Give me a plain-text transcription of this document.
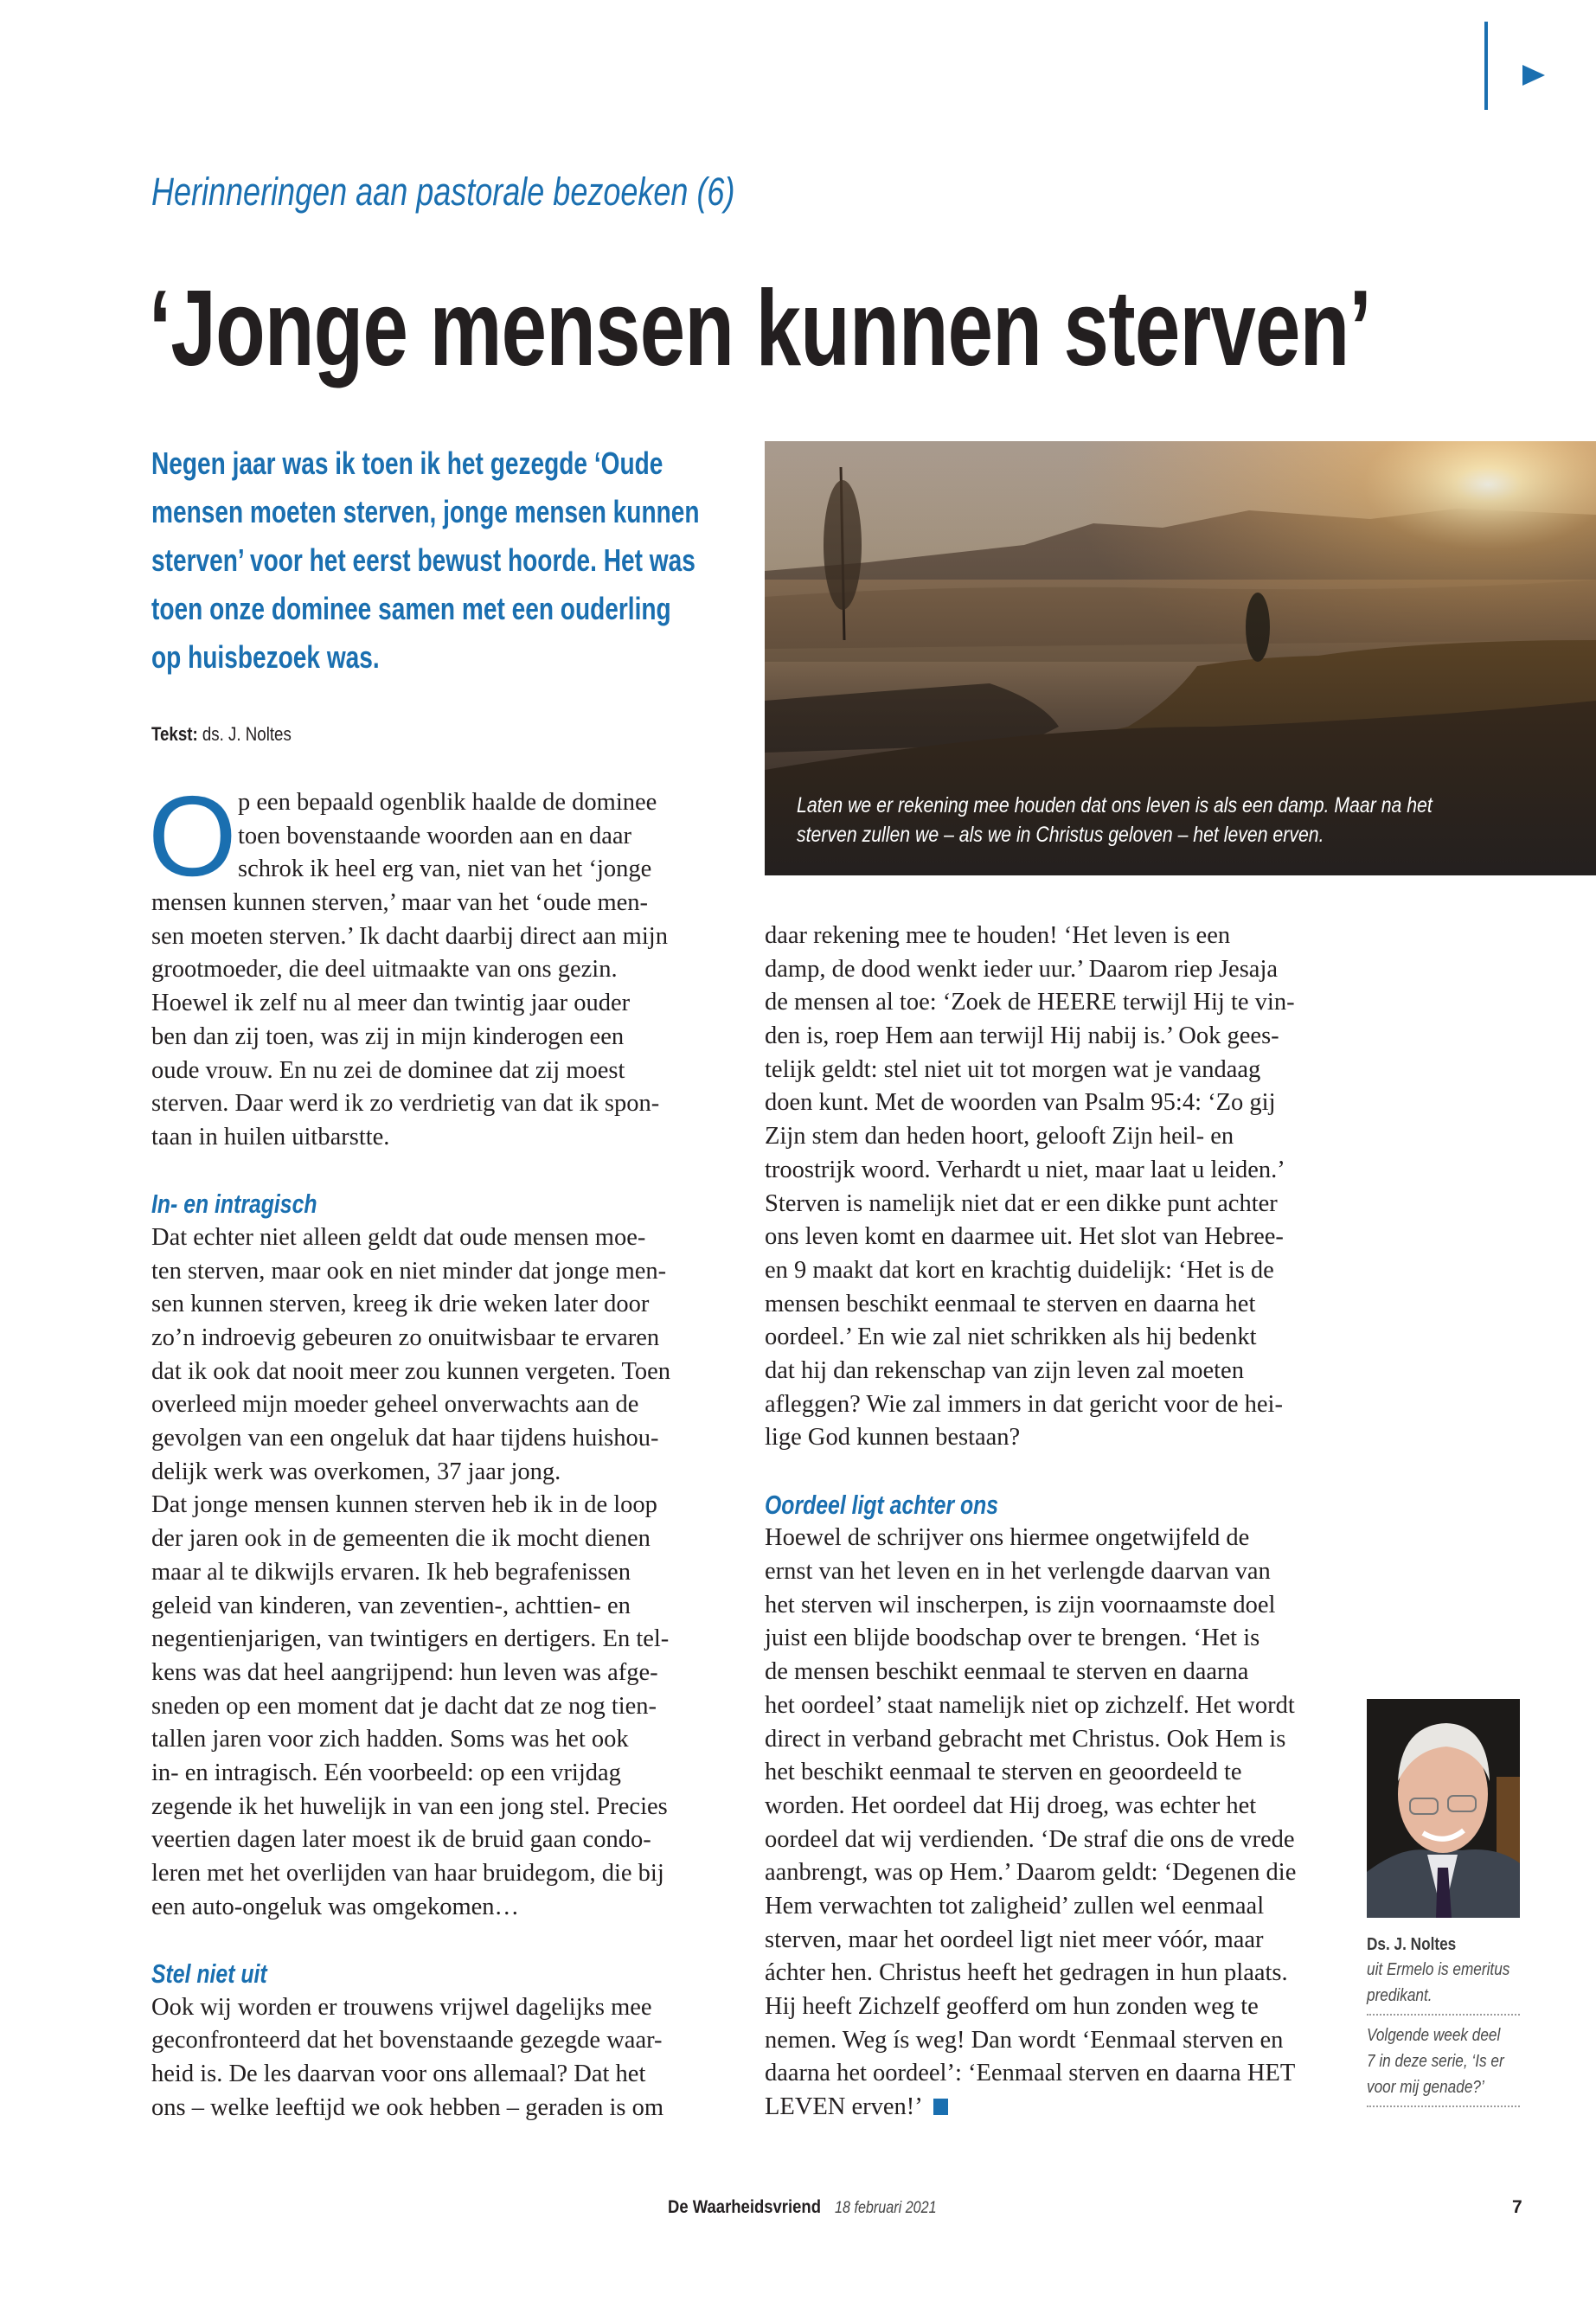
Herinneringen aan pastorale bezoeken (6)
‘Jonge mensen kunnen sterven’
Negen jaar was ik toen ik het gezegde ‘Oude
mensen moeten sterven, jonge mensen kunnen
sterven’ voor het eerst bewust hoorde. Het was
toen onze dominee samen met een ouderling
op huisbezoek was.
Tekst: ds. J. Noltes
Laten we er rekening mee houden dat ons leven is als een damp. Maar na het
sterven zullen we – als we in Christus geloven – het leven erven.
O p een bepaald ogenblik haalde de dominee
toen bovenstaande woorden aan en daar
schrok ik heel erg van, niet van het ‘jonge
mensen kunnen sterven,’ maar van het ‘oude men-
sen moeten sterven.’ Ik dacht daarbij direct aan mijn
grootmoeder, die deel uitmaakte van ons gezin.
Hoewel ik zelf nu al meer dan twintig jaar ouder
ben dan zij toen, was zij in mijn kinderogen een
oude vrouw. En nu zei de dominee dat zij moest
sterven. Daar werd ik zo verdrietig van dat ik spon-
taan in huilen uitbarstte.
In- en intragisch
Dat echter niet alleen geldt dat oude mensen moe-
ten sterven, maar ook en niet minder dat jonge men-
sen kunnen sterven, kreeg ik drie weken later door
zo’n indroevig gebeuren zo onuitwisbaar te ervaren
dat ik ook dat nooit meer zou kunnen vergeten. Toen
overleed mijn moeder geheel onverwachts aan de
gevolgen van een ongeluk dat haar tijdens huishou-
delijk werk was overkomen, 37 jaar jong.
Dat jonge mensen kunnen sterven heb ik in de loop
der jaren ook in de gemeenten die ik mocht dienen
maar al te dikwijls ervaren. Ik heb begrafenissen
geleid van kinderen, van zeventien-, achttien- en
negentienjarigen, van twintigers en dertigers. En tel-
kens was dat heel aangrijpend: hun leven was afge-
sneden op een moment dat je dacht dat ze nog tien-
tallen jaren voor zich hadden. Soms was het ook
in- en intragisch. Eén voorbeeld: op een vrijdag
zegende ik het huwelijk in van een jong stel. Precies
veertien dagen later moest ik de bruid gaan condo-
leren met het overlijden van haar bruidegom, die bij
een auto-ongeluk was omgekomen…
Stel niet uit
Ook wij worden er trouwens vrijwel dagelijks mee
geconfronteerd dat het bovenstaande gezegde waar-
heid is. De les daarvan voor ons allemaal? Dat het
ons – welke leeftijd we ook hebben – geraden is om
daar rekening mee te houden! ‘Het leven is een
damp, de dood wenkt ieder uur.’ Daarom riep Jesaja
de mensen al toe: ‘Zoek de HEERE terwijl Hij te vin-
den is, roep Hem aan terwijl Hij nabij is.’ Ook gees-
telijk geldt: stel niet uit tot morgen wat je vandaag
doen kunt. Met de woorden van Psalm 95:4: ‘Zo gij
Zijn stem dan heden hoort, gelooft Zijn heil- en
troostrijk woord. Verhardt u niet, maar laat u leiden.’
Sterven is namelijk niet dat er een dikke punt achter
ons leven komt en daarmee uit. Het slot van Hebree-
en 9 maakt dat kort en krachtig duidelijk: ‘Het is de
mensen beschikt eenmaal te sterven en daarna het
oordeel.’ En wie zal niet schrikken als hij bedenkt
dat hij dan rekenschap van zijn leven zal moeten
afleggen? Wie zal immers in dat gericht voor de hei-
lige God kunnen bestaan?
Oordeel ligt achter ons
Hoewel de schrijver ons hiermee ongetwijfeld de
ernst van het leven en in het verlengde daarvan van
het sterven wil inscherpen, is zijn voornaamste doel
juist een blijde boodschap over te brengen. ‘Het is
de mensen beschikt eenmaal te sterven en daarna
het oordeel’ staat namelijk niet op zichzelf. Het wordt
direct in verband gebracht met Christus. Ook Hem is
het beschikt eenmaal te sterven en geoordeeld te
worden. Het oordeel dat Hij droeg, was echter het
oordeel dat wij verdienden. ‘De straf die ons de vrede
aanbrengt, was op Hem.’ Daarom geldt: ‘Degenen die
Hem verwachten tot zaligheid’ zullen wel eenmaal
sterven, maar het oordeel ligt niet meer vóór, maar
áchter hen. Christus heeft het gedragen in hun plaats.
Hij heeft Zichzelf geofferd om hun zonden weg te
nemen. Weg ís weg! Dan wordt ‘Eenmaal sterven en
daarna het oordeel’: ‘Eenmaal sterven en daarna HET
LEVEN erven!’
Ds. J. Noltes
uit Ermelo is emeritus
predikant.
Volgende week deel
7 in deze serie, ‘Is er
voor mij genade?’
De Waarheidsvriend 18 februari 2021	7
